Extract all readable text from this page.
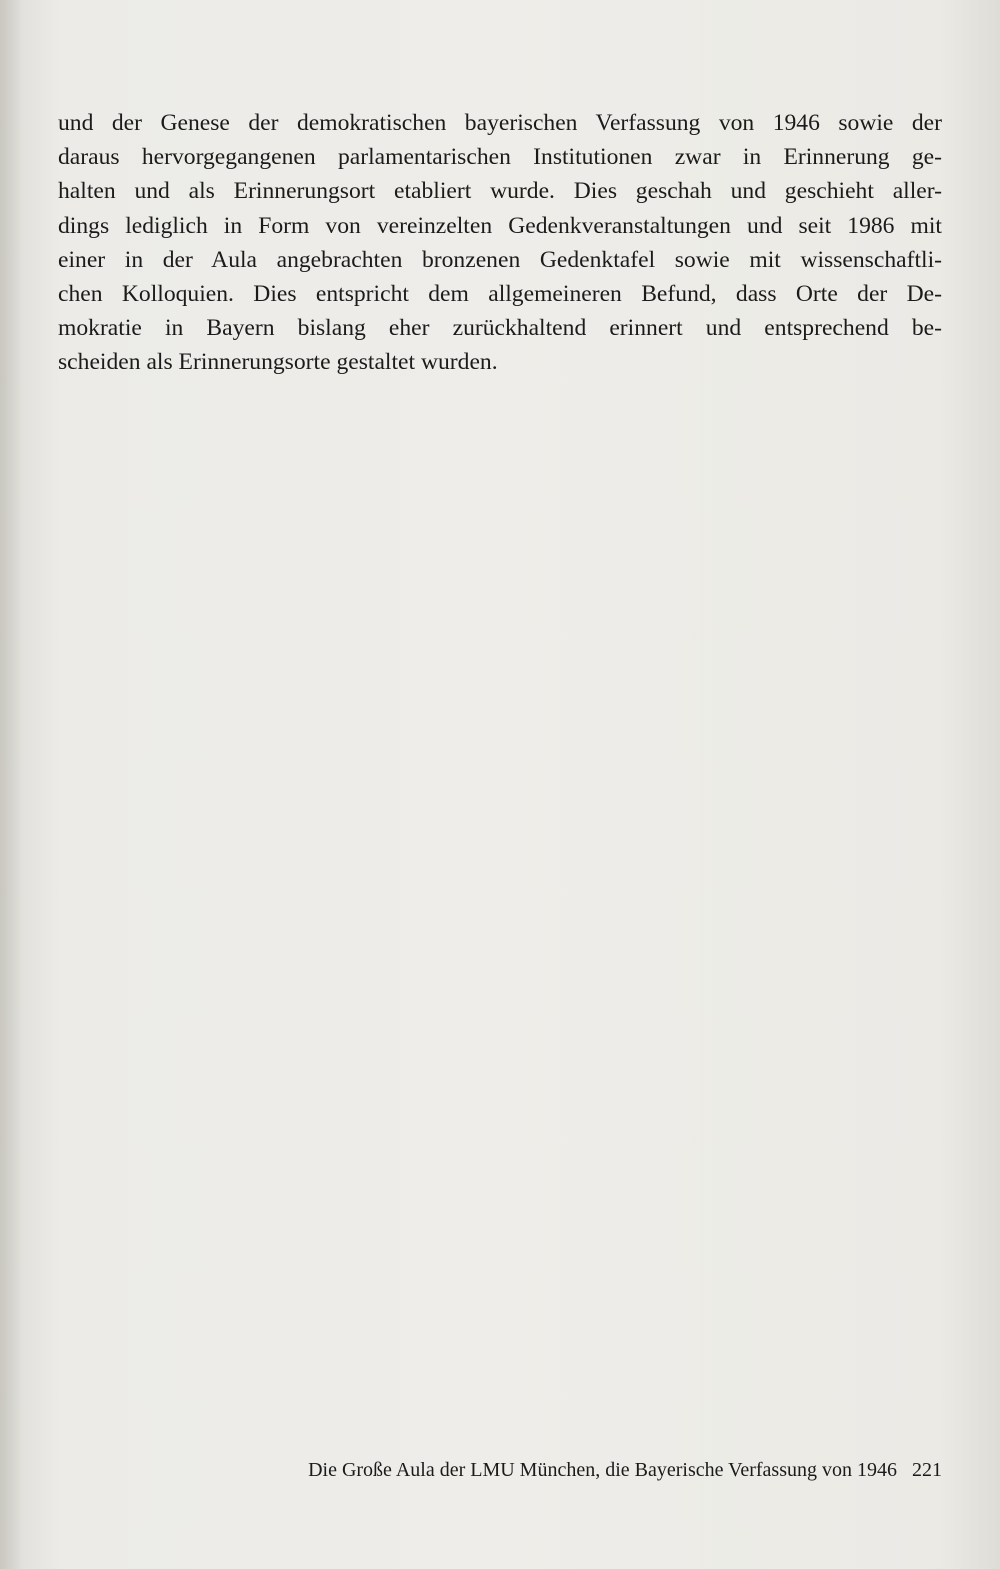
und der Genese der demokratischen bayerischen Verfassung von 1946 sowie der
daraus hervorgegangenen parlamentarischen Institutionen zwar in Erinnerung ge-
halten und als Erinnerungsort etabliert wurde. Dies geschah und geschieht aller-
dings lediglich in Form von vereinzelten Gedenkveranstaltungen und seit 1986 mit
einer in der Aula angebrachten bronzenen Gedenktafel sowie mit wissenschaftli-
chen Kolloquien. Dies entspricht dem allgemeineren Befund, dass Orte der De-
mokratie in Bayern bislang eher zurückhaltend erinnert und entsprechend be-
scheiden als Erinnerungsorte gestaltet wurden.
Die Große Aula der LMU München, die Bayerische Verfassung von 1946 221
